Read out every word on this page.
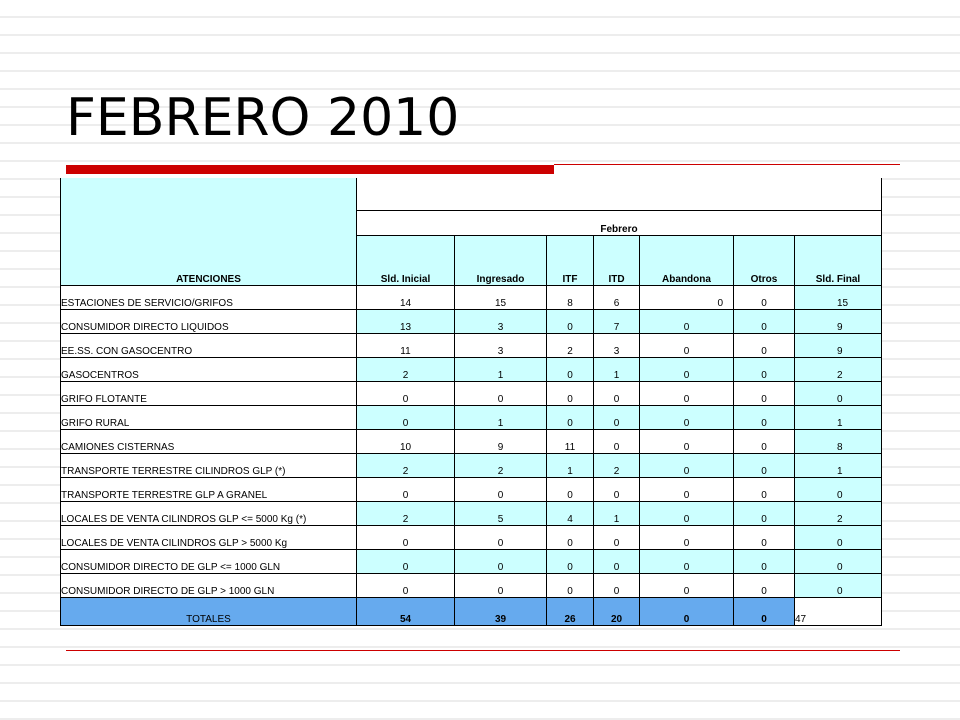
FEBRERO 2010
ATENCIONES							
	Febrero						
	Sld. Inicial	Ingresado	ITF	ITD	Abandona	Otros	Sld. Final
ESTACIONES DE SERVICIO/GRIFOS	14	15	8	6	0	0	15
CONSUMIDOR DIRECTO LIQUIDOS	13	3	0	7	0	0	9
EE.SS. CON GASOCENTRO	11	3	2	3	0	0	9
GASOCENTROS	2	1	0	1	0	0	2
GRIFO FLOTANTE	0	0	0	0	0	0	0
GRIFO RURAL	0	1	0	0	0	0	1
CAMIONES CISTERNAS	10	9	11	0	0	0	8
TRANSPORTE TERRESTRE CILINDROS GLP (*)	2	2	1	2	0	0	1
TRANSPORTE TERRESTRE GLP A GRANEL	0	0	0	0	0	0	0
LOCALES DE VENTA CILINDROS GLP <= 5000 Kg (*)	2	5	4	1	0	0	2
LOCALES DE VENTA CILINDROS GLP > 5000 Kg	0	0	0	0	0	0	0
CONSUMIDOR DIRECTO DE GLP <= 1000 GLN	0	0	0	0	0	0	0
CONSUMIDOR DIRECTO DE GLP > 1000 GLN	0	0	0	0	0	0	0
TOTALES	54	39	26	20	0	0	47
